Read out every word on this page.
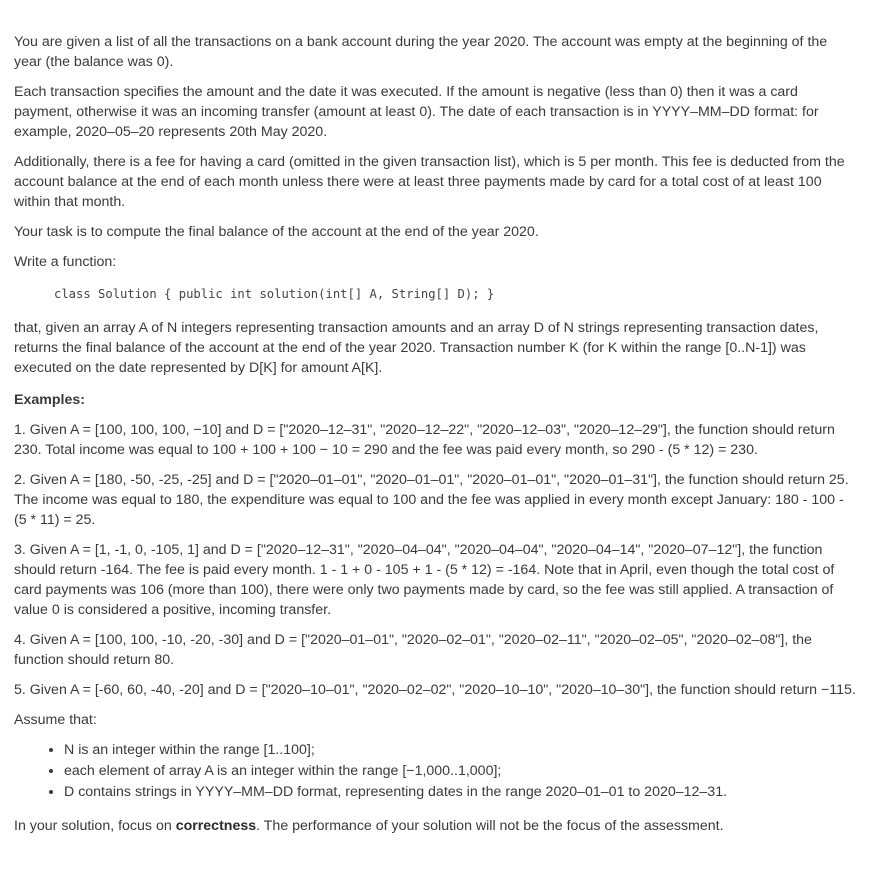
You are given a list of all the transactions on a bank account during the year 2020. The account was empty at the beginning of the year (the balance was 0).

Each transaction specifies the amount and the date it was executed. If the amount is negative (less than 0) then it was a card payment, otherwise it was an incoming transfer (amount at least 0). The date of each transaction is in YYYY–MM–DD format: for example, 2020–05–20 represents 20th May 2020.

Additionally, there is a fee for having a card (omitted in the given transaction list), which is 5 per month. This fee is deducted from the account balance at the end of each month unless there were at least three payments made by card for a total cost of at least 100 within that month.

Your task is to compute the final balance of the account at the end of the year 2020.

Write a function:

class Solution { public int solution(int[] A, String[] D); }

that, given an array A of N integers representing transaction amounts and an array D of N strings representing transaction dates, returns the final balance of the account at the end of the year 2020. Transaction number K (for K within the range [0..N-1]) was executed on the date represented by D[K] for amount A[K].

Examples:

1. Given A = [100, 100, 100, −10] and D = ["2020–12–31", "2020–12–22", "2020–12–03", "2020–12–29"], the function should return 230. Total income was equal to 100 + 100 + 100 − 10 = 290 and the fee was paid every month, so 290 - (5 * 12) = 230.

2. Given A = [180, -50, -25, -25] and D = ["2020–01–01", "2020–01–01", "2020–01–01", "2020–01–31"], the function should return 25. The income was equal to 180, the expenditure was equal to 100 and the fee was applied in every month except January: 180 - 100 - (5 * 11) = 25.

3. Given A = [1, -1, 0, -105, 1] and D = ["2020–12–31", "2020–04–04", "2020–04–04", "2020–04–14", "2020–07–12"], the function should return -164. The fee is paid every month. 1 - 1 + 0 - 105 + 1 - (5 * 12) = -164. Note that in April, even though the total cost of card payments was 106 (more than 100), there were only two payments made by card, so the fee was still applied. A transaction of value 0 is considered a positive, incoming transfer.

4. Given A = [100, 100, -10, -20, -30] and D = ["2020–01–01", "2020–02–01", "2020–02–11", "2020–02–05", "2020–02–08"], the function should return 80.

5. Given A = [-60, 60, -40, -20] and D = ["2020–10–01", "2020–02–02", "2020–10–10", "2020–10–30"], the function should return −115.

Assume that:

• N is an integer within the range [1..100];
• each element of array A is an integer within the range [−1,000..1,000];
• D contains strings in YYYY–MM–DD format, representing dates in the range 2020–01–01 to 2020–12–31.

In your solution, focus on correctness. The performance of your solution will not be the focus of the assessment.
